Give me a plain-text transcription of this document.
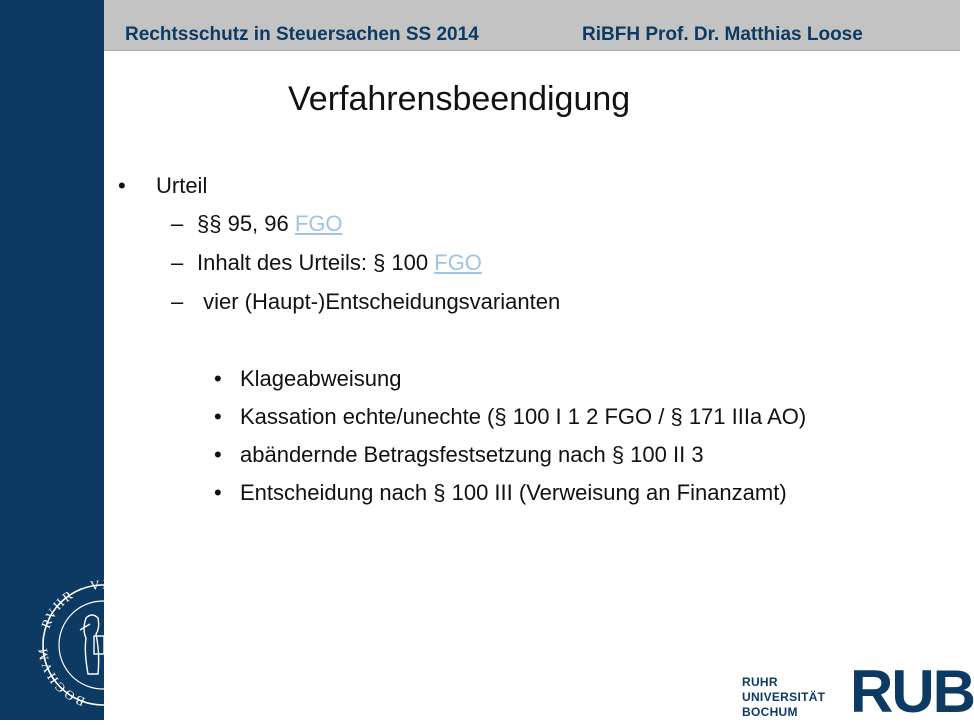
BOCHVM · RVHR · VNIVERSITAT
Rechtsschutz in Steuersachen SS 2014	RiBFH Prof. Dr. Matthias Loose
Verfahrensbeendigung
• Urteil
– §§ 95, 96 FGO
– Inhalt des Urteils: § 100 FGO
– vier (Haupt-)Entscheidungsvarianten
• Klageabweisung
• Kassation echte/unechte (§ 100 I 1 2 FGO / § 171 IIIa AO)
• abändernde Betragsfestsetzung nach § 100 II 3
• Entscheidung nach § 100 III (Verweisung an Finanzamt)
RUHR
UNIVERSITÄT
BOCHUM RUB
